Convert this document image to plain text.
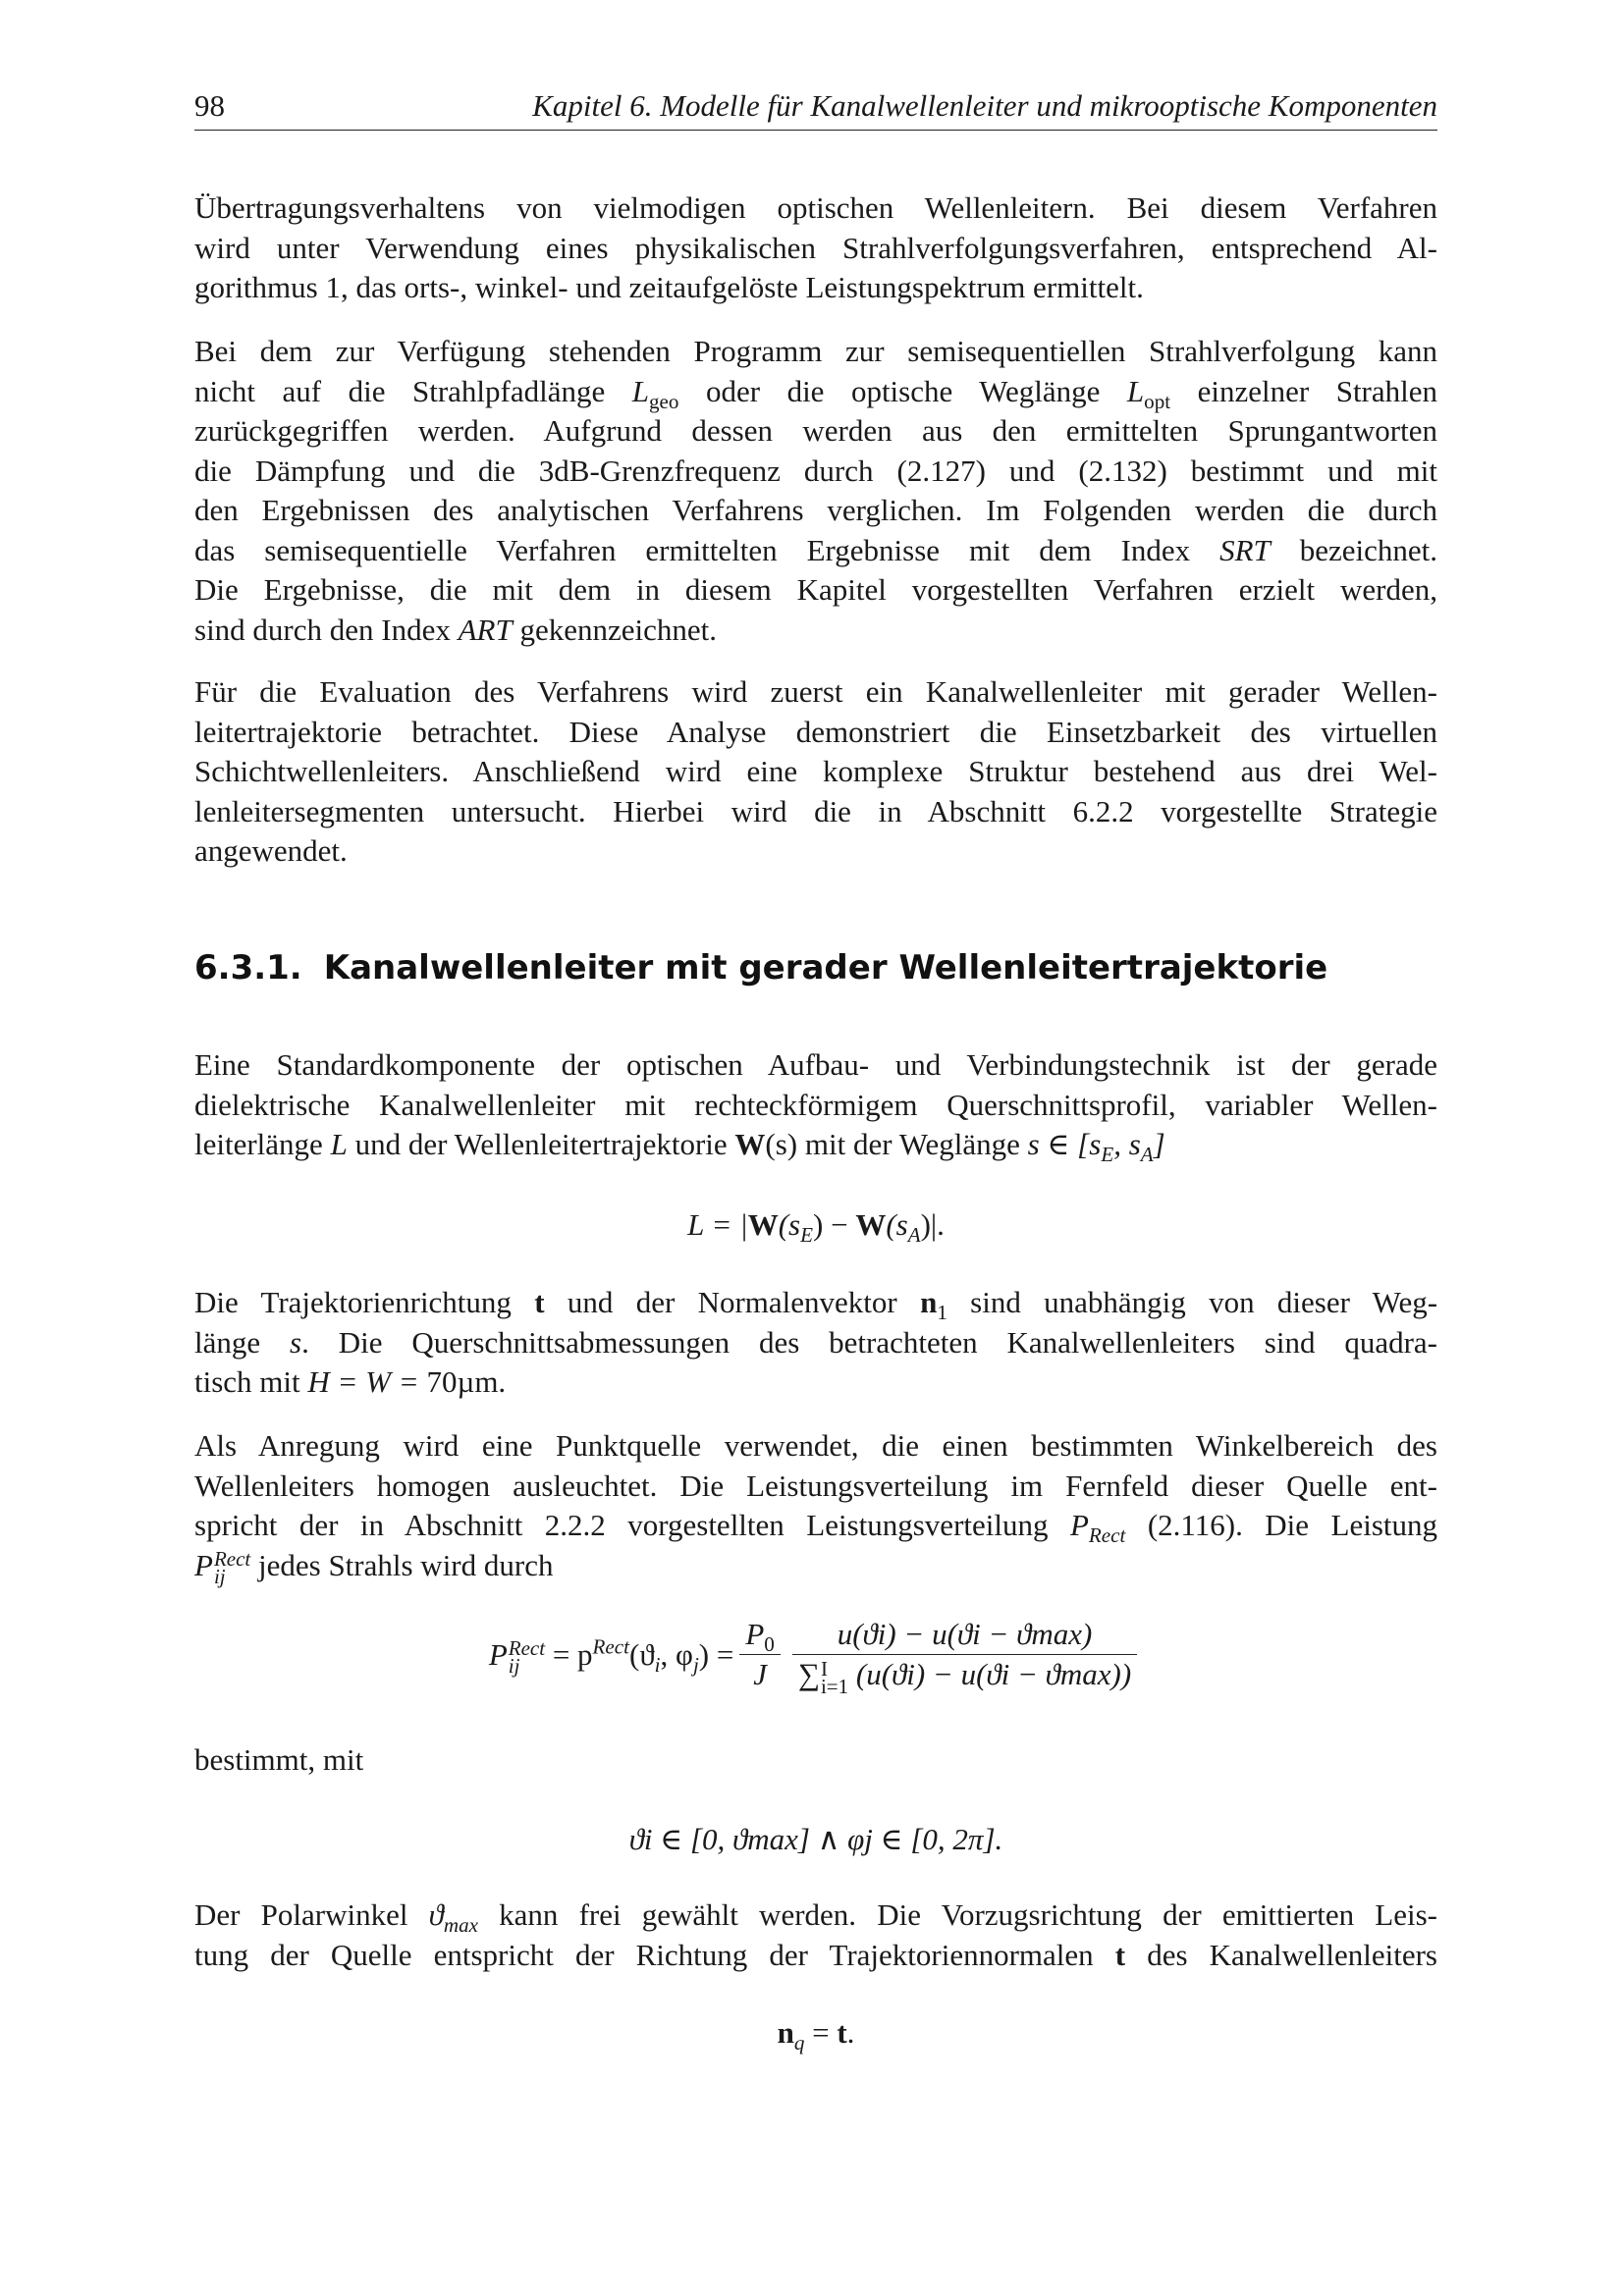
98	Kapitel 6. Modelle für Kanalwellenleiter und mikrooptische Komponenten
Übertragungsverhaltens von vielmodigen optischen Wellenleitern. Bei diesem Verfahren
wird unter Verwendung eines physikalischen Strahlverfolgungsverfahren, entsprechend Al-
gorithmus 1, das orts-, winkel- und zeitaufgelöste Leistungspektrum ermittelt.
Bei dem zur Verfügung stehenden Programm zur semisequentiellen Strahlverfolgung kann
nicht auf die Strahlpfadlänge $L_{geo}$ oder die optische Weglänge $L_{opt}$ einzelner Strahlen
zurückgegriffen werden. Aufgrund dessen werden aus den ermittelten Sprungantworten
die Dämpfung und die 3dB-Grenzfrequenz durch (2.127) und (2.132) bestimmt und mit
den Ergebnissen des analytischen Verfahrens verglichen. Im Folgenden werden die durch
das semisequentielle Verfahren ermittelten Ergebnisse mit dem Index SRT bezeichnet.
Die Ergebnisse, die mit dem in diesem Kapitel vorgestellten Verfahren erzielt werden,
sind durch den Index ART gekennzeichnet.
Für die Evaluation des Verfahrens wird zuerst ein Kanalwellenleiter mit gerader Wellen-
leitertrajektorie betrachtet. Diese Analyse demonstriert die Einsetzbarkeit des virtuellen
Schichtwellenleiters. Anschließend wird eine komplexe Struktur bestehend aus drei Wel-
lenleitersegmenten untersucht. Hierbei wird die in Abschnitt 6.2.2 vorgestellte Strategie
angewendet.
6.3.1. Kanalwellenleiter mit gerader Wellenleitertrajektorie
Eine Standardkomponente der optischen Aufbau- und Verbindungstechnik ist der gerade
dielektrische Kanalwellenleiter mit rechteckförmigem Querschnittsprofil, variabler Wellen-
leiterlänge L und der Wellenleitertrajektorie W(s) mit der Weglänge s ∈ [$s_E$, $s_A$]
$L = |W(s_E) - W(s_A)|$.
Die Trajektorienrichtung t und der Normalenvektor $n_1$ sind unabhängig von dieser Weg-
länge s. Die Querschnittsabmessungen des betrachteten Kanalwellenleiters sind quadra-
tisch mit H = W = 70µm.
Als Anregung wird eine Punktquelle verwendet, die einen bestimmten Winkelbereich des
Wellenleiters homogen ausleuchtet. Die Leistungsverteilung im Fernfeld dieser Quelle ent-
spricht der in Abschnitt 2.2.2 vorgestellten Leistungsverteilung $P_{Rect}$ (2.116). Die Leistung
P Rect
ij	jedes Strahls wird durch
P Rect
ij = $p^{Rect}(ϑ_i$, $\varphi_j) = \frac{P_0}{J} u(ϑi) - u(ϑi - ϑ\max)$
∑ I
i=1 (u(ϑi) − u(ϑi − ϑmax))
bestimmt, mit
ϑi ∈ [0, ϑmax] ∧ φj ∈ [0, 2π].
Der Polarwinkel $ϑ_{max}$ kann frei gewählt werden. Die Vorzugsrichtung der emittierten Leis-
tung der Quelle entspricht der Richtung der Trajektoriennormalen t des Kanalwellenleiters
$n_q = t$.
